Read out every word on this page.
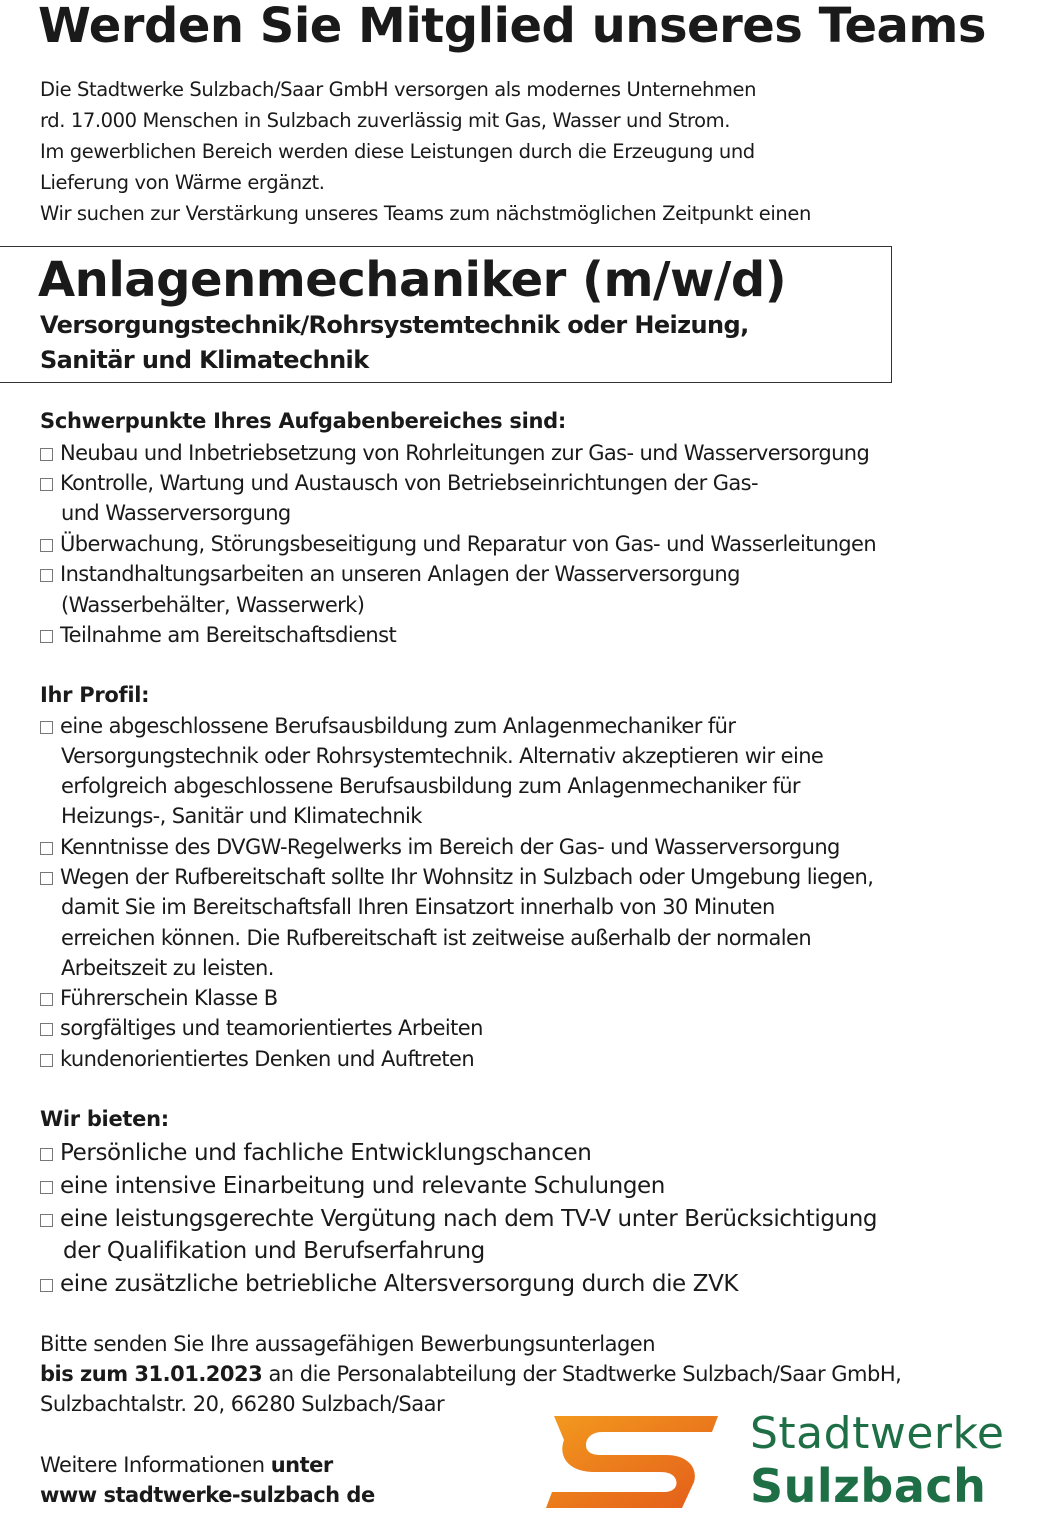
Werden Sie Mitglied unseres Teams
Die Stadtwerke Sulzbach/Saar GmbH versorgen als modernes Unternehmen
rd. 17.000 Menschen in Sulzbach zuverlässig mit Gas, Wasser und Strom.
Im gewerblichen Bereich werden diese Leistungen durch die Erzeugung und
Lieferung von Wärme ergänzt.
Wir suchen zur Verstärkung unseres Teams zum nächstmöglichen Zeitpunkt einen
Anlagenmechaniker (m/w/d)
Versorgungstechnik/Rohrsystemtechnik oder Heizung,
Sanitär und Klimatechnik
Schwerpunkte Ihres Aufgabenbereiches sind:
Neubau und Inbetriebsetzung von Rohrleitungen zur Gas- und Wasserversorgung
Kontrolle, Wartung und Austausch von Betriebseinrichtungen der Gas-
und Wasserversorgung
Überwachung, Störungsbeseitigung und Reparatur von Gas- und Wasserleitungen
Instandhaltungsarbeiten an unseren Anlagen der Wasserversorgung
(Wasserbehälter, Wasserwerk)
Teilnahme am Bereitschaftsdienst
Ihr Profil:
eine abgeschlossene Berufsausbildung zum Anlagenmechaniker für
Versorgungstechnik oder Rohrsystemtechnik. Alternativ akzeptieren wir eine
erfolgreich abgeschlossene Berufsausbildung zum Anlagenmechaniker für
Heizungs-, Sanitär und Klimatechnik
Kenntnisse des DVGW-Regelwerks im Bereich der Gas- und Wasserversorgung
Wegen der Rufbereitschaft sollte Ihr Wohnsitz in Sulzbach oder Umgebung liegen,
damit Sie im Bereitschaftsfall Ihren Einsatzort innerhalb von 30 Minuten
erreichen können. Die Rufbereitschaft ist zeitweise außerhalb der normalen
Arbeitszeit zu leisten.
Führerschein Klasse B
sorgfältiges und teamorientiertes Arbeiten
kundenorientiertes Denken und Auftreten
Wir bieten:
Persönliche und fachliche Entwicklungschancen
eine intensive Einarbeitung und relevante Schulungen
eine leistungsgerechte Vergütung nach dem TV-V unter Berücksichtigung
der Qualifikation und Berufserfahrung
eine zusätzliche betriebliche Altersversorgung durch die ZVK
Bitte senden Sie Ihre aussagefähigen Bewerbungsunterlagen
bis zum 31.01.2023 an die Personalabteilung der Stadtwerke Sulzbach/Saar GmbH,
Sulzbachtalstr. 20, 66280 Sulzbach/Saar
Weitere Informationen unter
www stadtwerke-sulzbach de
Stadtwerke
Sulzbach
